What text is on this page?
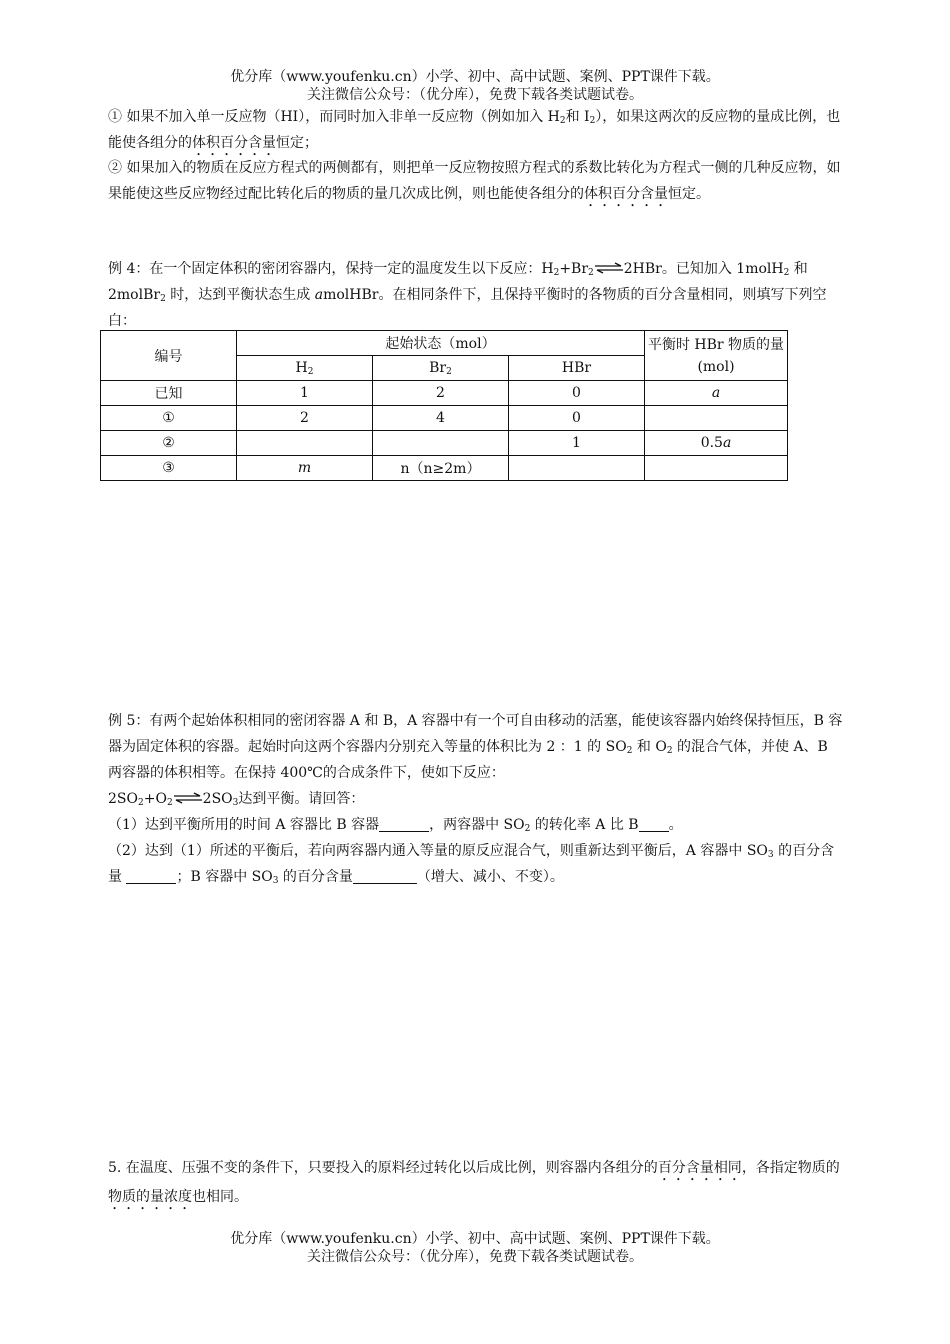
优分库（www.youfenku.cn）小学、初中、高中试题、案例、PPT课件下载。
关注微信公众号：（优分库），免费下载各类试题试卷。
① 如果不加入单一反应物（HI），而同时加入非单一反应物（例如加入 $H_2$和 $I_2$），如果这两次的反应物的量成比例，也能使各组分的体积百分含量恒定；
② 如果加入的物质在反应方程式的两侧都有，则把单一反应物按照方程式的系数比转化为方程式一侧的几种反应物，如果能使这些反应物经过配比转化后的物质的量几次成比例，则也能使各组分的体积百分含量恒定。
例 4：在一个固定体积的密闭容器内，保持一定的温度发生以下反应：$H_2+Br_2\rightleftharpoons 2HBr$。已知加入 1molH$_2$ 和 2molBr$_2$ 时，达到平衡状态生成 amolHBr。在相同条件下，且保持平衡时的各物质的百分含量相同，则填写下列空白：
编号	起始状态（mol）			平衡时 HBr 物质的量(mol)
	$H_2$	$Br_2$	HBr	
已知	1	2	0	a
①	2	4	0	
②			1	0.5a
③	m	n（n≥2m）		
例 5：有两个起始体积相同的密闭容器 A 和 B，A 容器中有一个可自由移动的活塞，能使该容器内始终保持恒压，B 容器为固定体积的容器。起始时向这两个容器内分别充入等量的体积比为 2 ：1 的 $SO_2$ 和 $O_2$ 的混合气体，并使 A、B 两容器的体积相等。在保持 400℃的合成条件下，使如下反应：
$2SO_2+O_2\rightleftharpoons 2SO_3$达到平衡。请回答：
（1）达到平衡所用的时间 A 容器比 B 容器	，两容器中 $SO_2$ 的转化率 A 比 B 。
（2）达到（1）所述的平衡后，若向两容器内通入等量的原反应混合气，则重新达到平衡后，A 容器中 $SO_3$ 的百分含量	；B 容器中 $SO_3$ 的百分含量	（增大、减小、不变）。
5. 在温度、压强不变的条件下，只要投入的原料经过转化以后成比例，则容器内各组分的百分含量相同，各指定物质的物质的量浓度也相同。
优分库（www.youfenku.cn）小学、初中、高中试题、案例、PPT课件下载。
关注微信公众号：（优分库），免费下载各类试题试卷。
